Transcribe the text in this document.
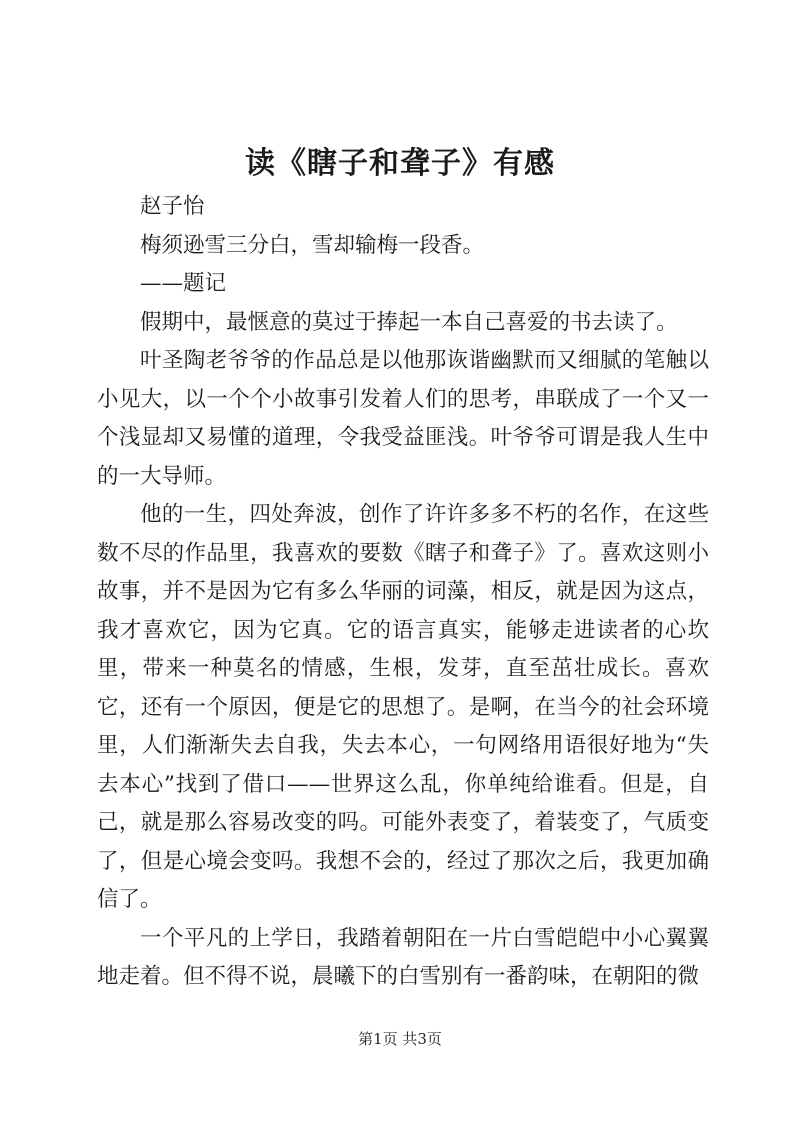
读《瞎子和聋子》有感

赵子怡

梅须逊雪三分白，雪却输梅一段香。

——题记

假期中，最惬意的莫过于捧起一本自己喜爱的书去读了。

叶圣陶老爷爷的作品总是以他那诙谐幽默而又细腻的笔触以小见大，以一个个小故事引发着人们的思考，串联成了一个又一个浅显却又易懂的道理，令我受益匪浅。叶爷爷可谓是我人生中的一大导师。

他的一生，四处奔波，创作了许许多多不朽的名作，在这些数不尽的作品里，我喜欢的要数《瞎子和聋子》了。喜欢这则小故事，并不是因为它有多么华丽的词藻，相反，就是因为这点，我才喜欢它，因为它真。它的语言真实，能够走进读者的心坎里，带来一种莫名的情感，生根，发芽，直至茁壮成长。喜欢它，还有一个原因，便是它的思想了。是啊，在当今的社会环境里，人们渐渐失去自我，失去本心，一句网络用语很好地为“失去本心”找到了借口——世界这么乱，你单纯给谁看。但是，自己，就是那么容易改变的吗。可能外表变了，着装变了，气质变了，但是心境会变吗。我想不会的，经过了那次之后，我更加确信了。

一个平凡的上学日，我踏着朝阳在一片白雪皑皑中小心翼翼地走着。但不得不说，晨曦下的白雪别有一番韵味，在朝阳的微

第1页 共3页
